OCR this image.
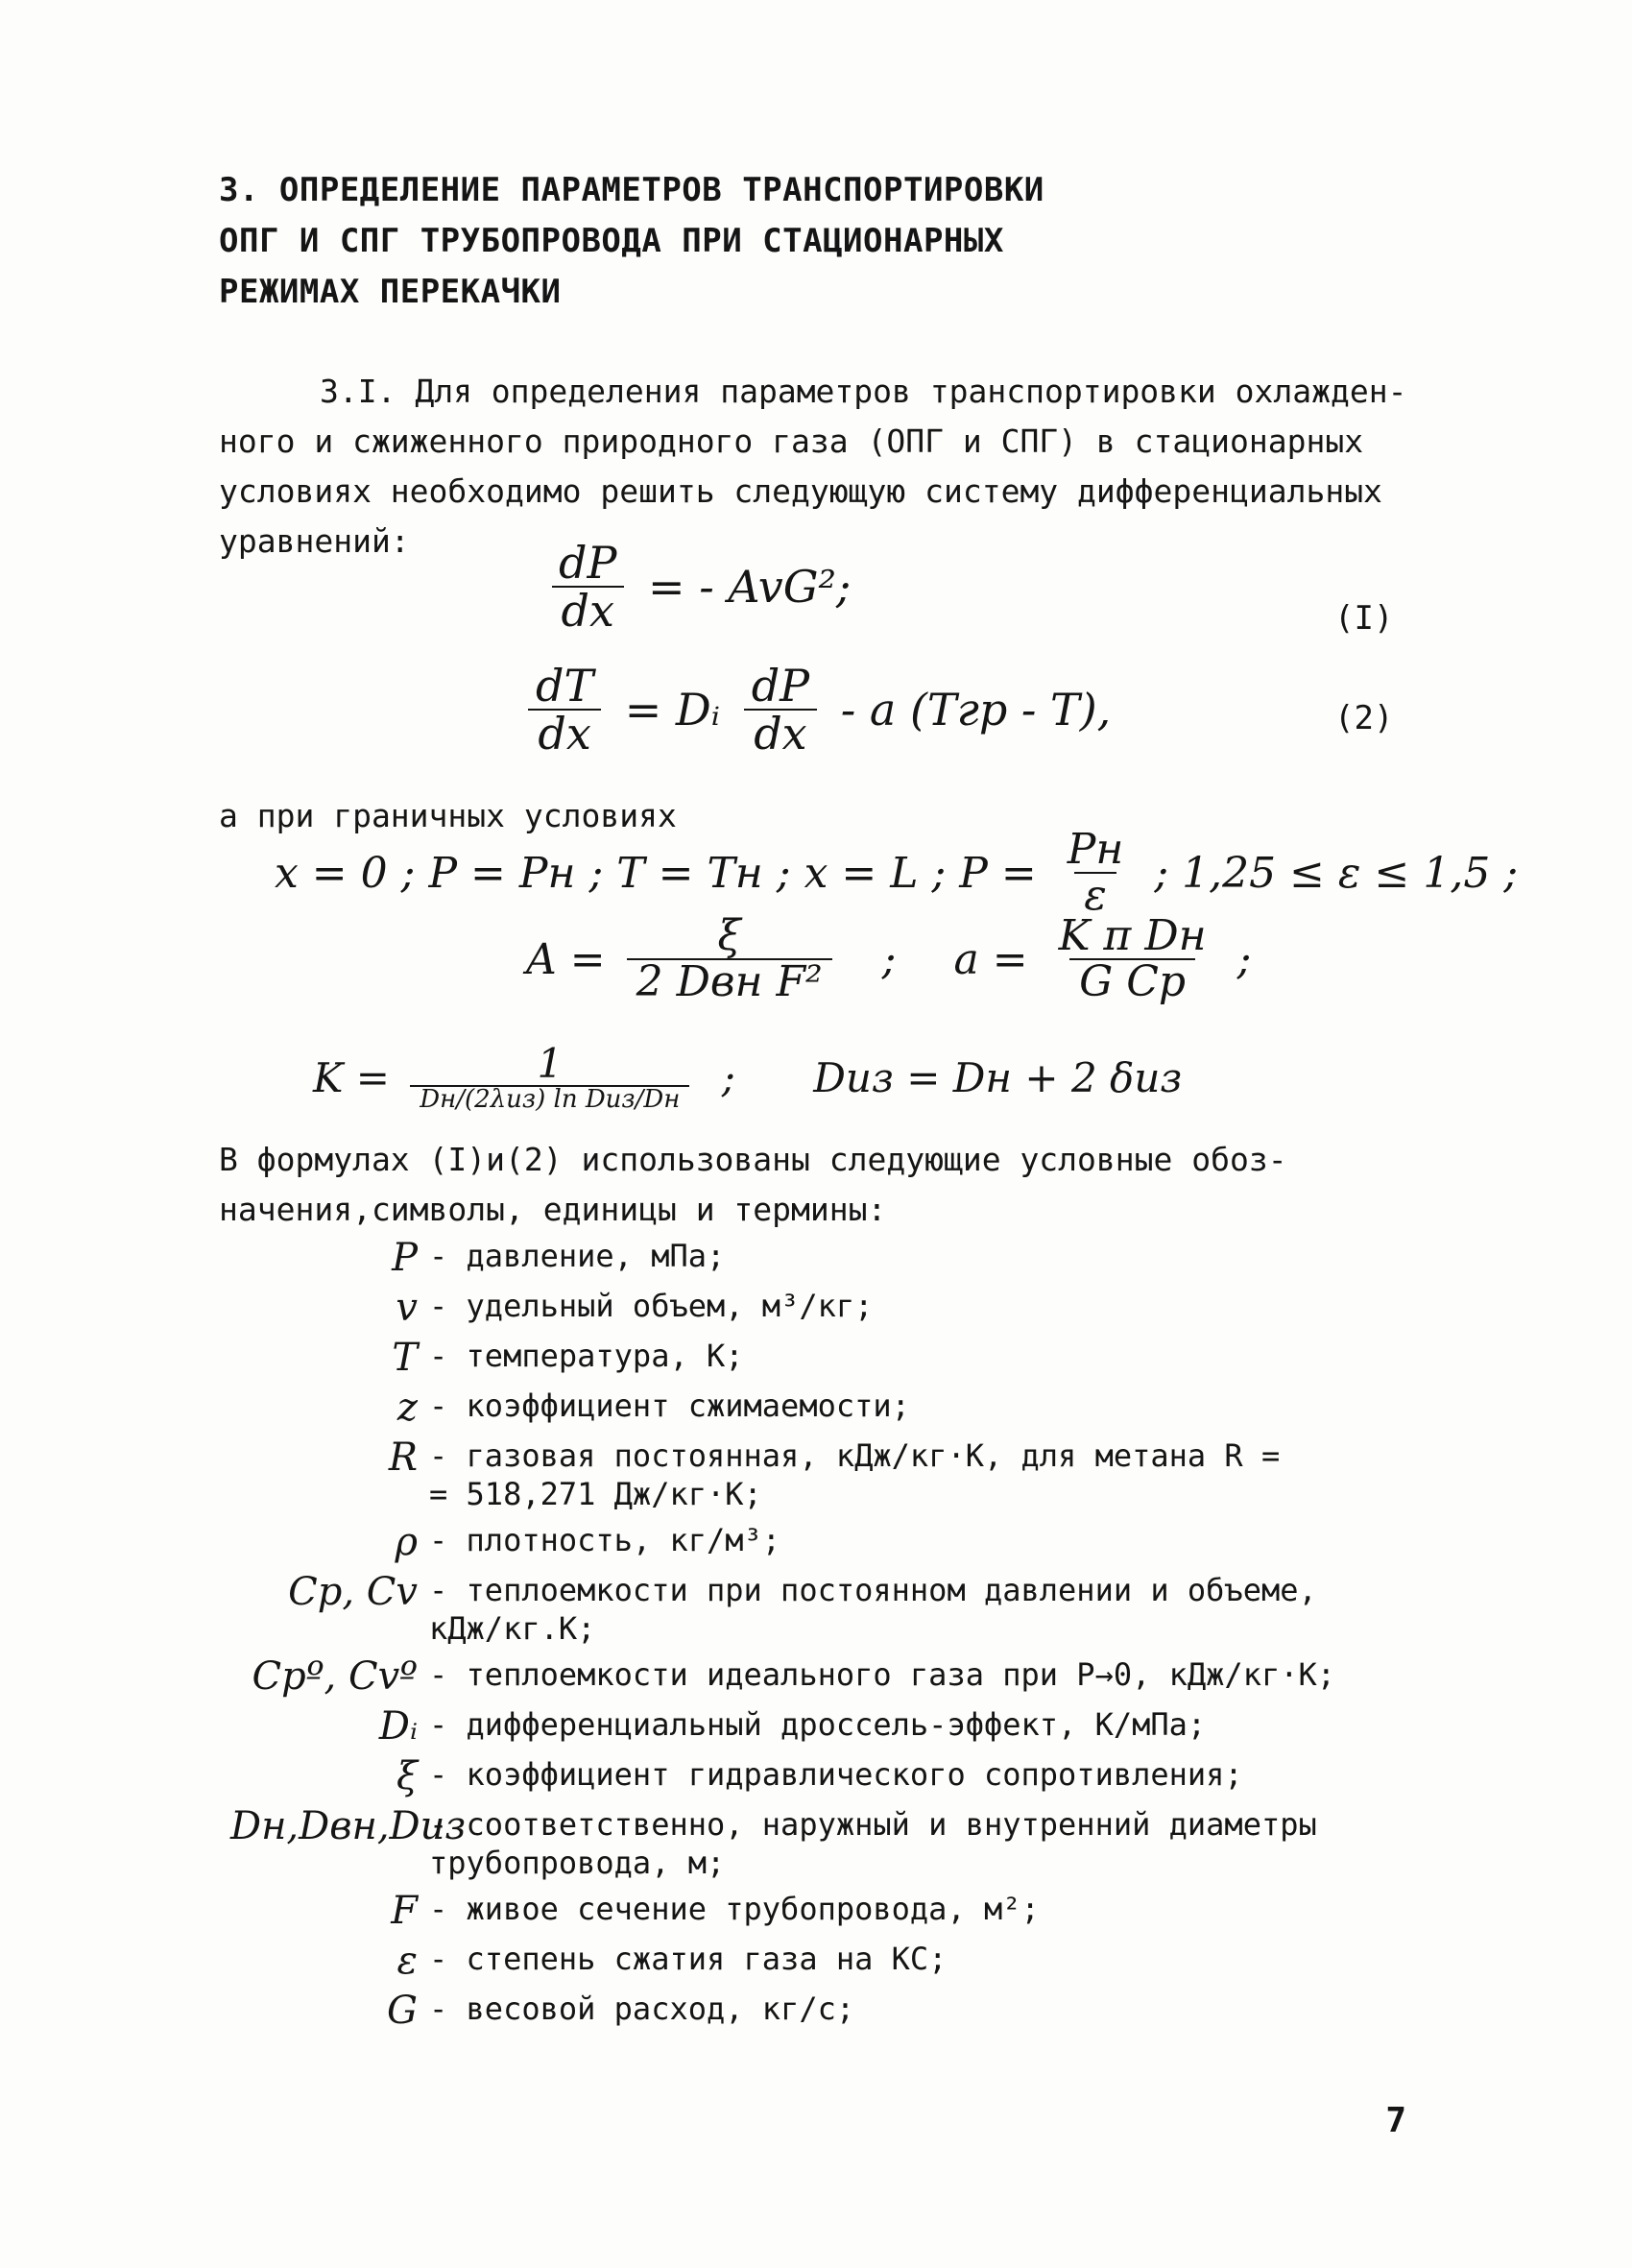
3. ОПРЕДЕЛЕНИЕ ПАРАМЕТРОВ ТРАНСПОРТИРОВКИ
ОПГ И СПГ ТРУБОПРОВОДА ПРИ СТАЦИОНАРНЫХ
РЕЖИМАХ ПЕРЕКАЧКИ
3.I. Для определения параметров транспортировки охлажден-
ного и сжиженного природного газа (ОПГ и СПГ) в стационарных
условиях необходимо решить следующую систему дифференциальных
уравнений:	$\frac{dP}{dx}$ = - AvG²;
(I)
$\frac{dT}{dx}$ = Dᵢ $\frac{dP}{dx}$ - a (Tгр - T),	(2)
а при граничных условиях
x = 0 ; P = Pн ; T = Tн ; x = L ; $P = \frac{Pн}{\varepsilon}$ ; 1,25 ≤ ε ≤ 1,5 ;
$A = \frac{\xi}{\text{2 Dвн F²}}$ ; $a = \frac{\text{K π Dн}}{\text{G Cp}}$ ;
$K = \frac{1}{\text{Dн/(2λиз) ln Dиз/Dн}}$ ; Dиз = Dн + 2 δиз
В формулах (I)и(2) использованы следующие условные обоз-
начения,символы, единицы и термины:
P - давление, мПа;
v - удельный объем, м³/кг;
T - температура, К;
z - коэффициент сжимаемости;
R - газовая постоянная, кДж/кг·К, для метана R =
= 518,271 Дж/кг·К;
ρ - плотность, кг/м³;
Cp, Cv - теплоемкости при постоянном давлении и объеме,
кДж/кг.К;
Cpº, Cvº - теплоемкости идеального газа при P→0, кДж/кг·К;
Dᵢ - дифференциальный дроссель-эффект, К/мПа;
ξ - коэффициент гидравлического сопротивления;
Dн,Dвн,Dиз
- соответственно, наружный и внутренний диаметры
трубопровода, м;
F - живое сечение трубопровода, м²;
ε - степень сжатия газа на КС;
G - весовой расход, кг/с;
7
